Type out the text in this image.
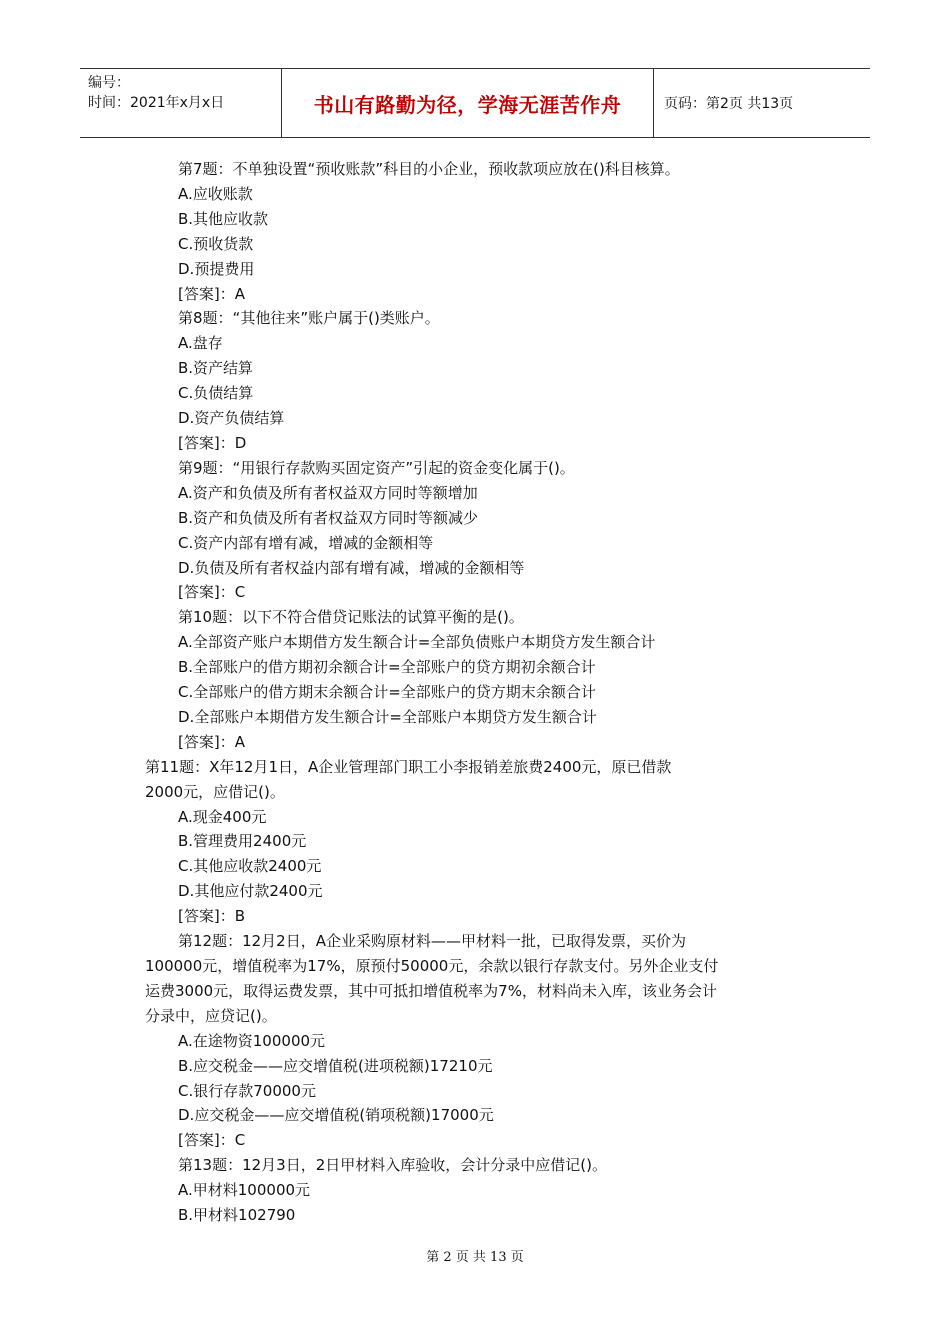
编号：
时间：2021年x月x日	书山有路勤为径，学海无涯苦作舟	页码：第2页 共13页
第7题：不单独设置“预收账款”科目的小企业，预收款项应放在()科目核算。
A.应收账款
B.其他应收款
C.预收货款
D.预提费用
[答案]：A
第8题：“其他往来”账户属于()类账户。
A.盘存
B.资产结算
C.负债结算
D.资产负债结算
[答案]：D
第9题：“用银行存款购买固定资产”引起的资金变化属于()。
A.资产和负债及所有者权益双方同时等额增加
B.资产和负债及所有者权益双方同时等额减少
C.资产内部有增有减，增减的金额相等
D.负债及所有者权益内部有增有减，增减的金额相等
[答案]：C
第10题：以下不符合借贷记账法的试算平衡的是()。
A.全部资产账户本期借方发生额合计=全部负债账户本期贷方发生额合计
B.全部账户的借方期初余额合计=全部账户的贷方期初余额合计
C.全部账户的借方期末余额合计=全部账户的贷方期末余额合计
D.全部账户本期借方发生额合计=全部账户本期贷方发生额合计
[答案]：A
第11题：X年12月1日，A企业管理部门职工小李报销差旅费2400元，原已借款
2000元，应借记()。
A.现金400元
B.管理费用2400元
C.其他应收款2400元
D.其他应付款2400元
[答案]：B
第12题：12月2日，A企业采购原材料——甲材料一批，已取得发票，买价为
100000元，增值税率为17%，原预付50000元，余款以银行存款支付。另外企业支付
运费3000元，取得运费发票，其中可抵扣增值税率为7%，材料尚未入库，该业务会计
分录中，应贷记()。
A.在途物资100000元
B.应交税金——应交增值税(进项税额)17210元
C.银行存款70000元
D.应交税金——应交增值税(销项税额)17000元
[答案]：C
第13题：12月3日，2日甲材料入库验收，会计分录中应借记()。
A.甲材料100000元
B.甲材料102790
第 2 页 共 13 页
